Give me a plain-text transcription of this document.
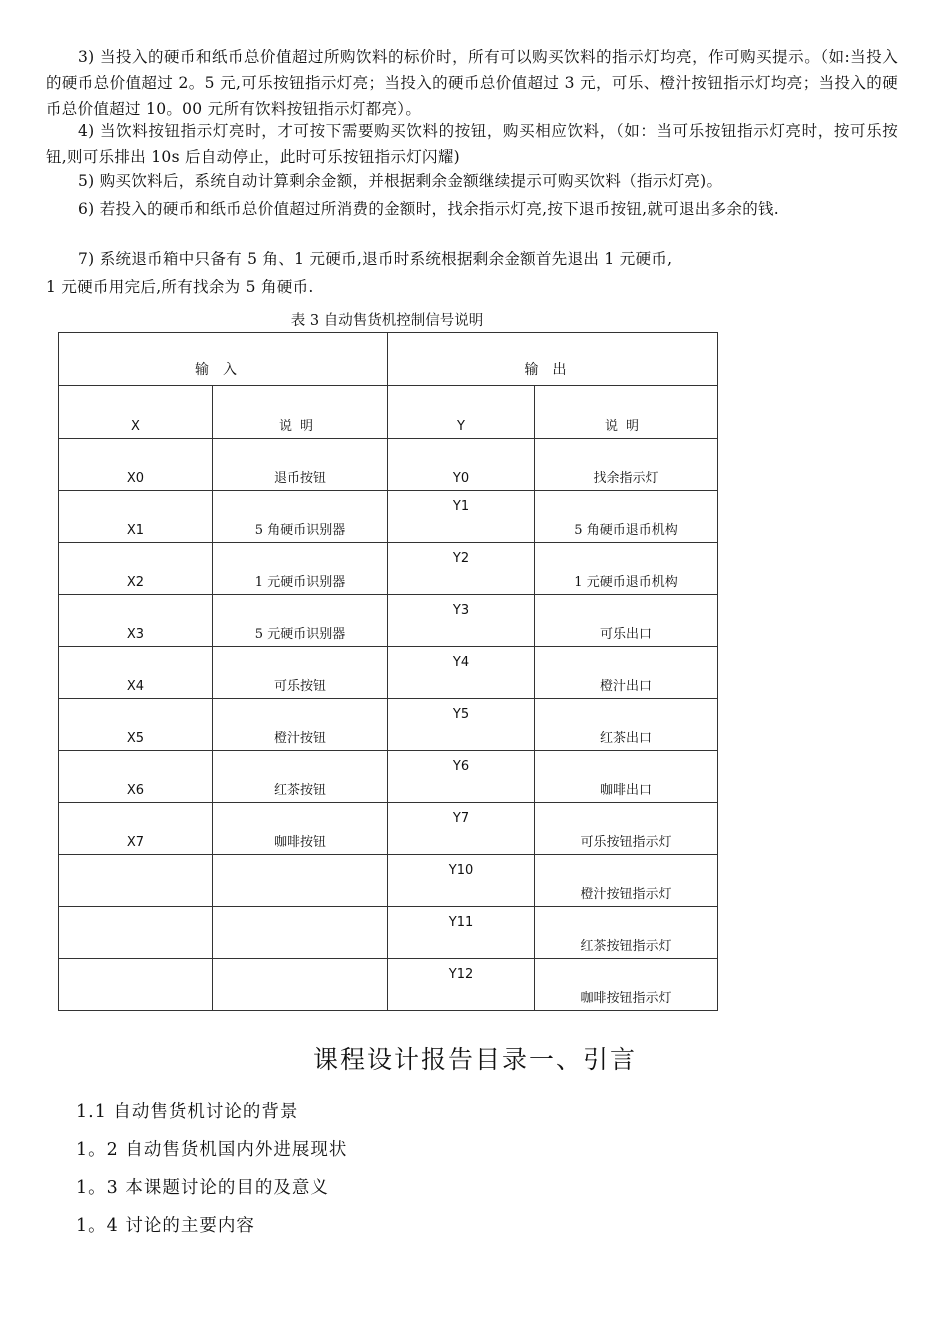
3) 当投入的硬币和纸币总价值超过所购饮料的标价时，所有可以购买饮料的指示灯均亮，作可购买提示。（如:当投入的硬币总价值超过 2。5 元,可乐按钮指示灯亮；当投入的硬币总价值超过 3 元，可乐、橙汁按钮指示灯均亮；当投入的硬币总价值超过 10。00 元所有饮料按钮指示灯都亮）。

4) 当饮料按钮指示灯亮时，才可按下需要购买饮料的按钮，购买相应饮料，（如：当可乐按钮指示灯亮时，按可乐按钮,则可乐排出 10s 后自动停止，此时可乐按钮指示灯闪耀)

5) 购买饮料后，系统自动计算剩余金额，并根据剩余金额继续提示可购买饮料（指示灯亮)。

6) 若投入的硬币和纸币总价值超过所消费的金额时，找余指示灯亮,按下退币按钮,就可退出多余的钱.

7) 系统退币箱中只备有 5 角、1 元硬币,退币时系统根据剩余金额首先退出 1 元硬币,

1 元硬币用完后,所有找余为 5 角硬币.

表 3 自动售货机控制信号说明
输入		输出	
X	说明	Y	说明
X0	退币按钮	Y0	找余指示灯
X1	5 角硬币识别器	Y1	5 角硬币退币机构
X2	1 元硬币识别器	Y2	1 元硬币退币机构
X3	5 元硬币识别器	Y3	可乐出口
X4	可乐按钮	Y4	橙汁出口
X5	橙汁按钮	Y5	红茶出口
X6	红茶按钮	Y6	咖啡出口
X7	咖啡按钮	Y7	可乐按钮指示灯

		Y10	橙汁按钮指示灯

		Y11	红茶按钮指示灯

		Y12	咖啡按钮指示灯
课程设计报告目录一、引言
1.1 自动售货机讨论的背景
1。2 自动售货机国内外进展现状
1。3 本课题讨论的目的及意义
1。4 讨论的主要内容
